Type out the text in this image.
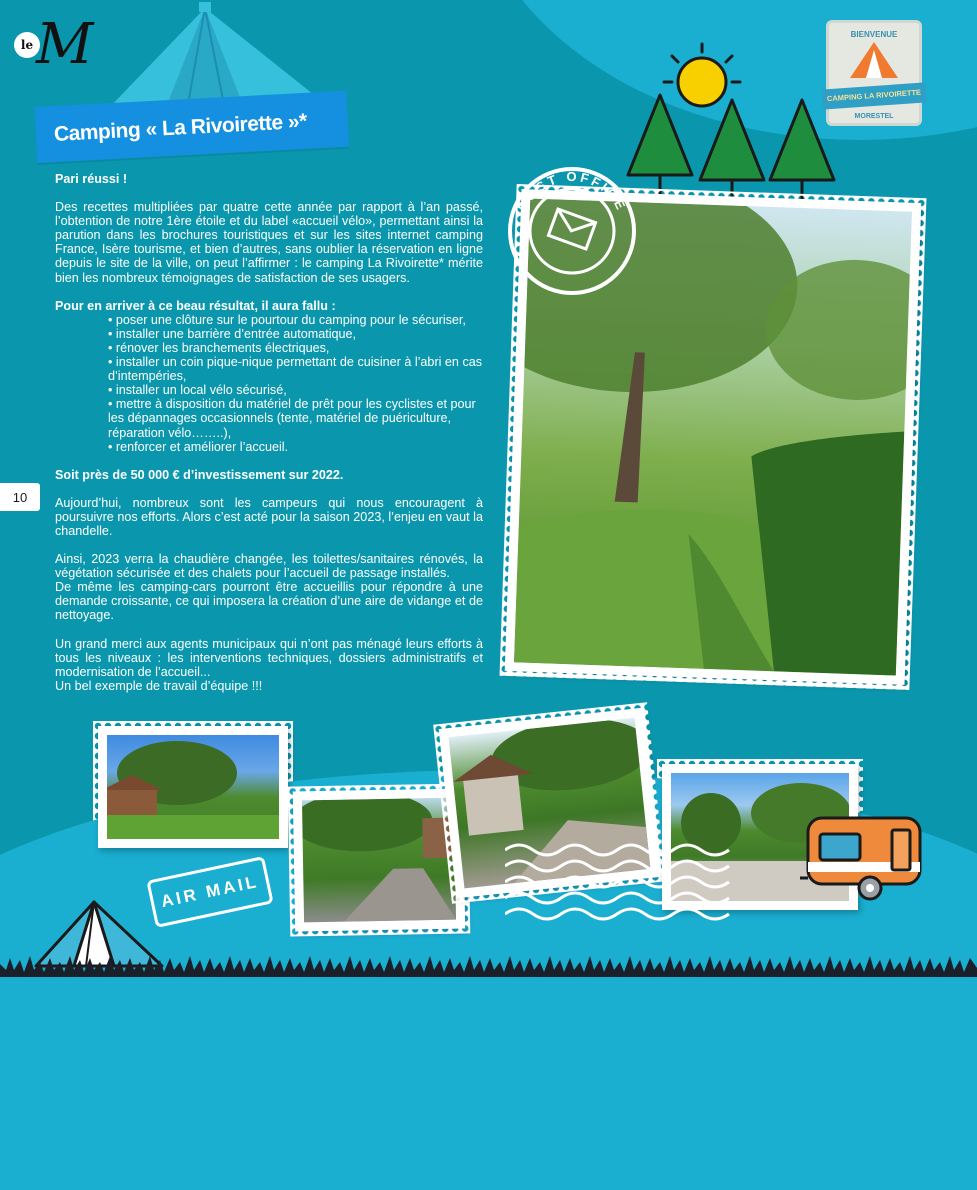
le M
Camping « La Rivoirette »*
BIENVENUE
CAMPING LA RIVOIRETTE
MORESTEL

Pari réussi !

Des recettes multipliées par quatre cette année par rapport à l’an passé, l’obtention de notre 1ère étoile et du label «accueil vélo», permettant ainsi la parution dans les brochures touristiques et sur les sites internet camping France, Isère tourisme, et bien d’autres, sans oublier la réservation en ligne depuis le site de la ville, on peut l’affirmer : le camping La Rivoirette* mérite bien les nombreux témoignages de satisfaction de ses usagers.

Pour en arriver à ce beau résultat, il aura fallu :

• poser une clôture sur le pourtour du camping pour le sécuriser,
• installer une barrière d’entrée automatique,
• rénover les branchements électriques,
• installer un coin pique-nique permettant de cuisiner à l’abri en cas d’intempéries,
• installer un local vélo sécurisé,
• mettre à disposition du matériel de prêt pour les cyclistes et pour les dépannages occasionnels (tente, matériel de puériculture, réparation vélo……..),
• renforcer et améliorer l’accueil.

Soit près de 50 000 € d’investissement sur 2022.

Aujourd’hui, nombreux sont les campeurs qui nous encouragent à poursuivre nos efforts. Alors c’est acté pour la saison 2023, l’enjeu en vaut la chandelle.

Ainsi, 2023 verra la chaudière changée, les toilettes/sanitaires rénovés, la végétation sécurisée et des chalets pour l’accueil de passage installés.

De même les camping-cars pourront être accueillis pour répondre à une demande croissante, ce qui imposera la création d’une aire de vidange et de nettoyage.

Un grand merci aux agents municipaux qui n’ont pas ménagé leurs efforts à tous les niveaux : les interventions techniques, dossiers administratifs et modernisation de l’accueil...

Un bel exemple de travail d’équipe !!!

10
POST OFFICE
AIR MAIL
